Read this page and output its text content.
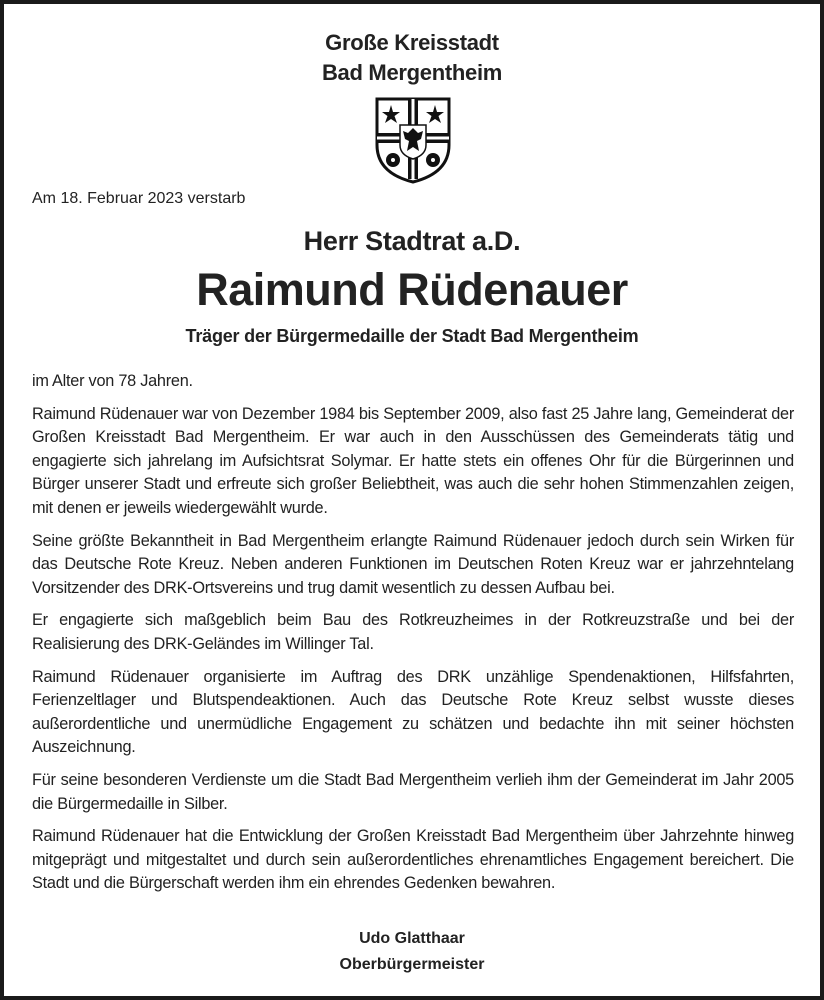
Große Kreisstadt
Bad Mergentheim
Am 18. Februar 2023 verstarb
Herr Stadtrat a.D.
Raimund Rüdenauer
Träger der Bürgermedaille der Stadt Bad Mergentheim

im Alter von 78 Jahren.

Raimund Rüdenauer war von Dezember 1984 bis September 2009, also fast 25 Jahre lang, Gemeinderat der Großen Kreisstadt Bad Mergentheim. Er war auch in den Ausschüssen des Gemeinderats tätig und engagierte sich jahrelang im Aufsichtsrat Solymar. Er hatte stets ein offenes Ohr für die Bürgerinnen und Bürger unserer Stadt und erfreute sich großer Beliebtheit, was auch die sehr hohen Stimmenzahlen zeigen, mit denen er jeweils wiedergewählt wurde.

Seine größte Bekanntheit in Bad Mergentheim erlangte Raimund Rüdenauer jedoch durch sein Wirken für das Deutsche Rote Kreuz. Neben anderen Funktionen im Deutschen Roten Kreuz war er jahrzehntelang Vorsitzender des DRK-Ortsvereins und trug damit wesentlich zu dessen Aufbau bei.

Er engagierte sich maßgeblich beim Bau des Rotkreuzheimes in der Rotkreuzstraße und bei der Realisierung des DRK-Geländes im Willinger Tal.

Raimund Rüdenauer organisierte im Auftrag des DRK unzählige Spendenaktionen, Hilfsfahrten, Ferienzeltlager und Blutspendeaktionen. Auch das Deutsche Rote Kreuz selbst wusste dieses außerordentliche und unermüdliche Engagement zu schätzen und bedachte ihn mit seiner höchsten Auszeichnung.

Für seine besonderen Verdienste um die Stadt Bad Mergentheim verlieh ihm der Gemeinderat im Jahr 2005 die Bürgermedaille in Silber.

Raimund Rüdenauer hat die Entwicklung der Großen Kreisstadt Bad Mergentheim über Jahrzehnte hinweg mitgeprägt und mitgestaltet und durch sein außerordentliches ehrenamtliches Engagement bereichert. Die Stadt und die Bürgerschaft werden ihm ein ehrendes Gedenken bewahren.

Udo Glatthaar
Oberbürgermeister
